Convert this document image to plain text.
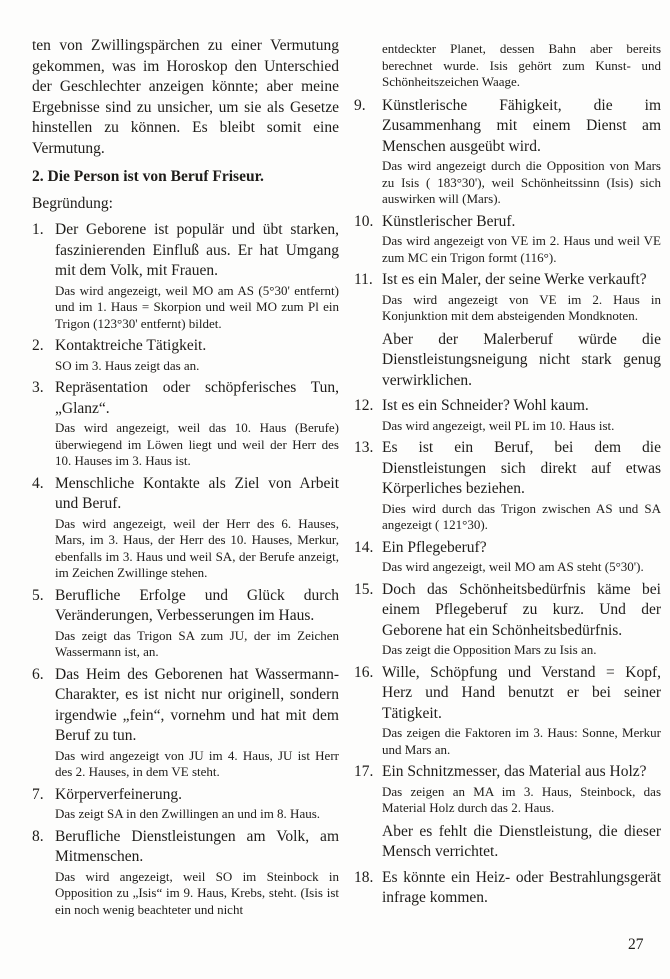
ten von Zwillingspärchen zu einer Vermutung gekommen, was im Horoskop den Unterschied der Geschlechter anzeigen könnte; aber meine Ergebnisse sind zu unsicher, um sie als Gesetze hinstellen zu können. Es bleibt somit eine Vermutung.

2. Die Person ist von Beruf Friseur.

Begründung:

1. Der Geborene ist populär und übt starken, faszinierenden Einfluß aus. Er hat Umgang mit dem Volk, mit Frauen.

Das wird angezeigt, weil MO am AS (5°30' entfernt) und im 1. Haus = Skorpion und weil MO zum Pl ein Trigon (123°30' entfernt) bildet.

2. Kontaktreiche Tätigkeit.

SO im 3. Haus zeigt das an.

3. Repräsentation oder schöpferisches Tun, „Glanz“.

Das wird angezeigt, weil das 10. Haus (Berufe) überwiegend im Löwen liegt und weil der Herr des 10. Hauses im 3. Haus ist.

4. Menschliche Kontakte als Ziel von Arbeit und Beruf.

Das wird angezeigt, weil der Herr des 6. Hauses, Mars, im 3. Haus, der Herr des 10. Hauses, Merkur, ebenfalls im 3. Haus und weil SA, der Berufe anzeigt, im Zeichen Zwillinge stehen.

5. Berufliche Erfolge und Glück durch Veränderungen, Verbesserungen im Haus.

Das zeigt das Trigon SA zum JU, der im Zeichen Wassermann ist, an.

6. Das Heim des Geborenen hat Wassermann-Charakter, es ist nicht nur originell, sondern irgendwie „fein“, vornehm und hat mit dem Beruf zu tun.

Das wird angezeigt von JU im 4. Haus, JU ist Herr des 2. Hauses, in dem VE steht.

7. Körperverfeinerung.

Das zeigt SA in den Zwillingen an und im 8. Haus.

8. Berufliche Dienstleistungen am Volk, am Mitmenschen.

Das wird angezeigt, weil SO im Steinbock in Opposition zu „Isis“ im 9. Haus, Krebs, steht. (Isis ist ein noch wenig beachteter und nicht

entdeckter Planet, dessen Bahn aber bereits berechnet wurde. Isis gehört zum Kunst- und Schönheitszeichen Waage.

9.	Künstlerische Fähigkeit, die im Zusammenhang mit einem Dienst am Menschen ausgeübt wird.

Das wird angezeigt durch die Opposition von Mars zu Isis ( 183°30'), weil Schönheitssinn (Isis) sich auswirken will (Mars).

10. Künstlerischer Beruf.

Das wird angezeigt von VE im 2. Haus und weil VE zum MC ein Trigon formt (116°).

11. Ist es ein Maler, der seine Werke verkauft?

Das wird angezeigt von VE im 2. Haus in Konjunktion mit dem absteigenden Mondknoten.

Aber der Malerberuf würde die Dienstleistungsneigung nicht stark genug verwirklichen.

12. Ist es ein Schneider? Wohl kaum.

Das wird angezeigt, weil PL im 10. Haus ist.

13. Es ist ein Beruf, bei dem die Dienstleistungen sich direkt auf etwas Körperliches beziehen.

Dies wird durch das Trigon zwischen AS und SA angezeigt ( 121°30).

14. Ein Pflegeberuf?

Das wird angezeigt, weil MO am AS steht (5°30').

15. Doch das Schönheitsbedürfnis käme bei einem Pflegeberuf zu kurz. Und der Geborene hat ein Schönheitsbedürfnis.

Das zeigt die Opposition Mars zu Isis an.

16. Wille, Schöpfung und Verstand = Kopf, Herz und Hand benutzt er bei seiner Tätigkeit.

Das zeigen die Faktoren im 3. Haus: Sonne, Merkur und Mars an.

17. Ein Schnitzmesser, das Material aus Holz?

Das zeigen an MA im 3. Haus, Steinbock, das Material Holz durch das 2. Haus.

Aber es fehlt die Dienstleistung, die dieser Mensch verrichtet.

18. Es könnte ein Heiz- oder Bestrahlungsgerät infrage kommen.

27
